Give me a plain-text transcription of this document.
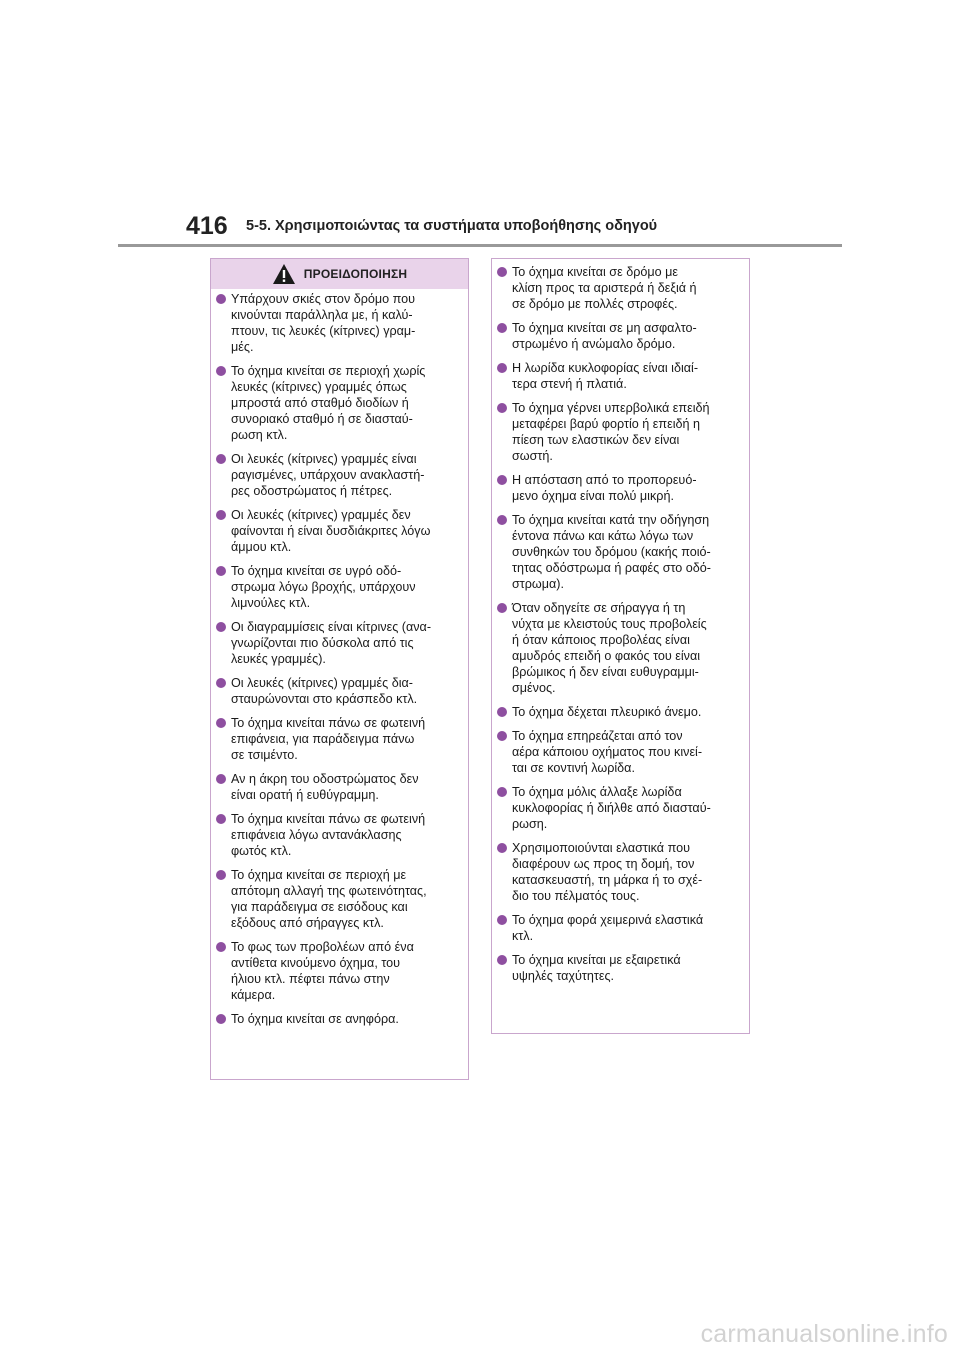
416 5-5. Χρησιμοποιώντας τα συστήματα υποβοήθησης οδηγού
ΠΡΟΕΙΔΟΠΟΙΗΣΗ
Υπάρχουν σκιές στον δρόμο που
κινούνται παράλληλα με, ή καλύ-
πτουν, τις λευκές (κίτρινες) γραμ-
μές.
Το όχημα κινείται σε περιοχή χωρίς
λευκές (κίτρινες) γραμμές όπως
μπροστά από σταθμό διοδίων ή
συνοριακό σταθμό ή σε διασταύ-
ρωση κτλ.
Οι λευκές (κίτρινες) γραμμές είναι
ραγισμένες, υπάρχουν ανακλαστή-
ρες οδοστρώματος ή πέτρες.
Οι λευκές (κίτρινες) γραμμές δεν
φαίνονται ή είναι δυσδιάκριτες λόγω
άμμου κτλ.
Το όχημα κινείται σε υγρό οδό-
στρωμα λόγω βροχής, υπάρχουν
λιμνούλες κτλ.
Οι διαγραμμίσεις είναι κίτρινες (ανα-
γνωρίζονται πιο δύσκολα από τις
λευκές γραμμές).
Οι λευκές (κίτρινες) γραμμές δια-
σταυρώνονται στο κράσπεδο κτλ.
Το όχημα κινείται πάνω σε φωτεινή
επιφάνεια, για παράδειγμα πάνω
σε τσιμέντο.
Αν η άκρη του οδοστρώματος δεν
είναι ορατή ή ευθύγραμμη.
Το όχημα κινείται πάνω σε φωτεινή
επιφάνεια λόγω αντανάκλασης
φωτός κτλ.
Το όχημα κινείται σε περιοχή με
απότομη αλλαγή της φωτεινότητας,
για παράδειγμα σε εισόδους και
εξόδους από σήραγγες κτλ.
Το φως των προβολέων από ένα
αντίθετα κινούμενο όχημα, του
ήλιου κτλ. πέφτει πάνω στην
κάμερα.
Το όχημα κινείται σε ανηφόρα.
Το όχημα κινείται σε δρόμο με
κλίση προς τα αριστερά ή δεξιά ή
σε δρόμο με πολλές στροφές.
Το όχημα κινείται σε μη ασφαλτο-
στρωμένο ή ανώμαλο δρόμο.
Η λωρίδα κυκλοφορίας είναι ιδιαί-
τερα στενή ή πλατιά.
Το όχημα γέρνει υπερβολικά επειδή
μεταφέρει βαρύ φορτίο ή επειδή η
πίεση των ελαστικών δεν είναι
σωστή.
Η απόσταση από το προπορευό-
μενο όχημα είναι πολύ μικρή.
Το όχημα κινείται κατά την οδήγηση
έντονα πάνω και κάτω λόγω των
συνθηκών του δρόμου (κακής ποιό-
τητας οδόστρωμα ή ραφές στο οδό-
στρωμα).
Όταν οδηγείτε σε σήραγγα ή τη
νύχτα με κλειστούς τους προβολείς
ή όταν κάποιος προβολέας είναι
αμυδρός επειδή ο φακός του είναι
βρώμικος ή δεν είναι ευθυγραμμι-
σμένος.
Το όχημα δέχεται πλευρικό άνεμο.
Το όχημα επηρεάζεται από τον
αέρα κάποιου οχήματος που κινεί-
ται σε κοντινή λωρίδα.
Το όχημα μόλις άλλαξε λωρίδα
κυκλοφορίας ή διήλθε από διασταύ-
ρωση.
Χρησιμοποιούνται ελαστικά που
διαφέρουν ως προς τη δομή, τον
κατασκευαστή, τη μάρκα ή το σχέ-
διο του πέλματός τους.
Το όχημα φορά χειμερινά ελαστικά
κτλ.
Το όχημα κινείται με εξαιρετικά
υψηλές ταχύτητες.
carmanualsonline.info
